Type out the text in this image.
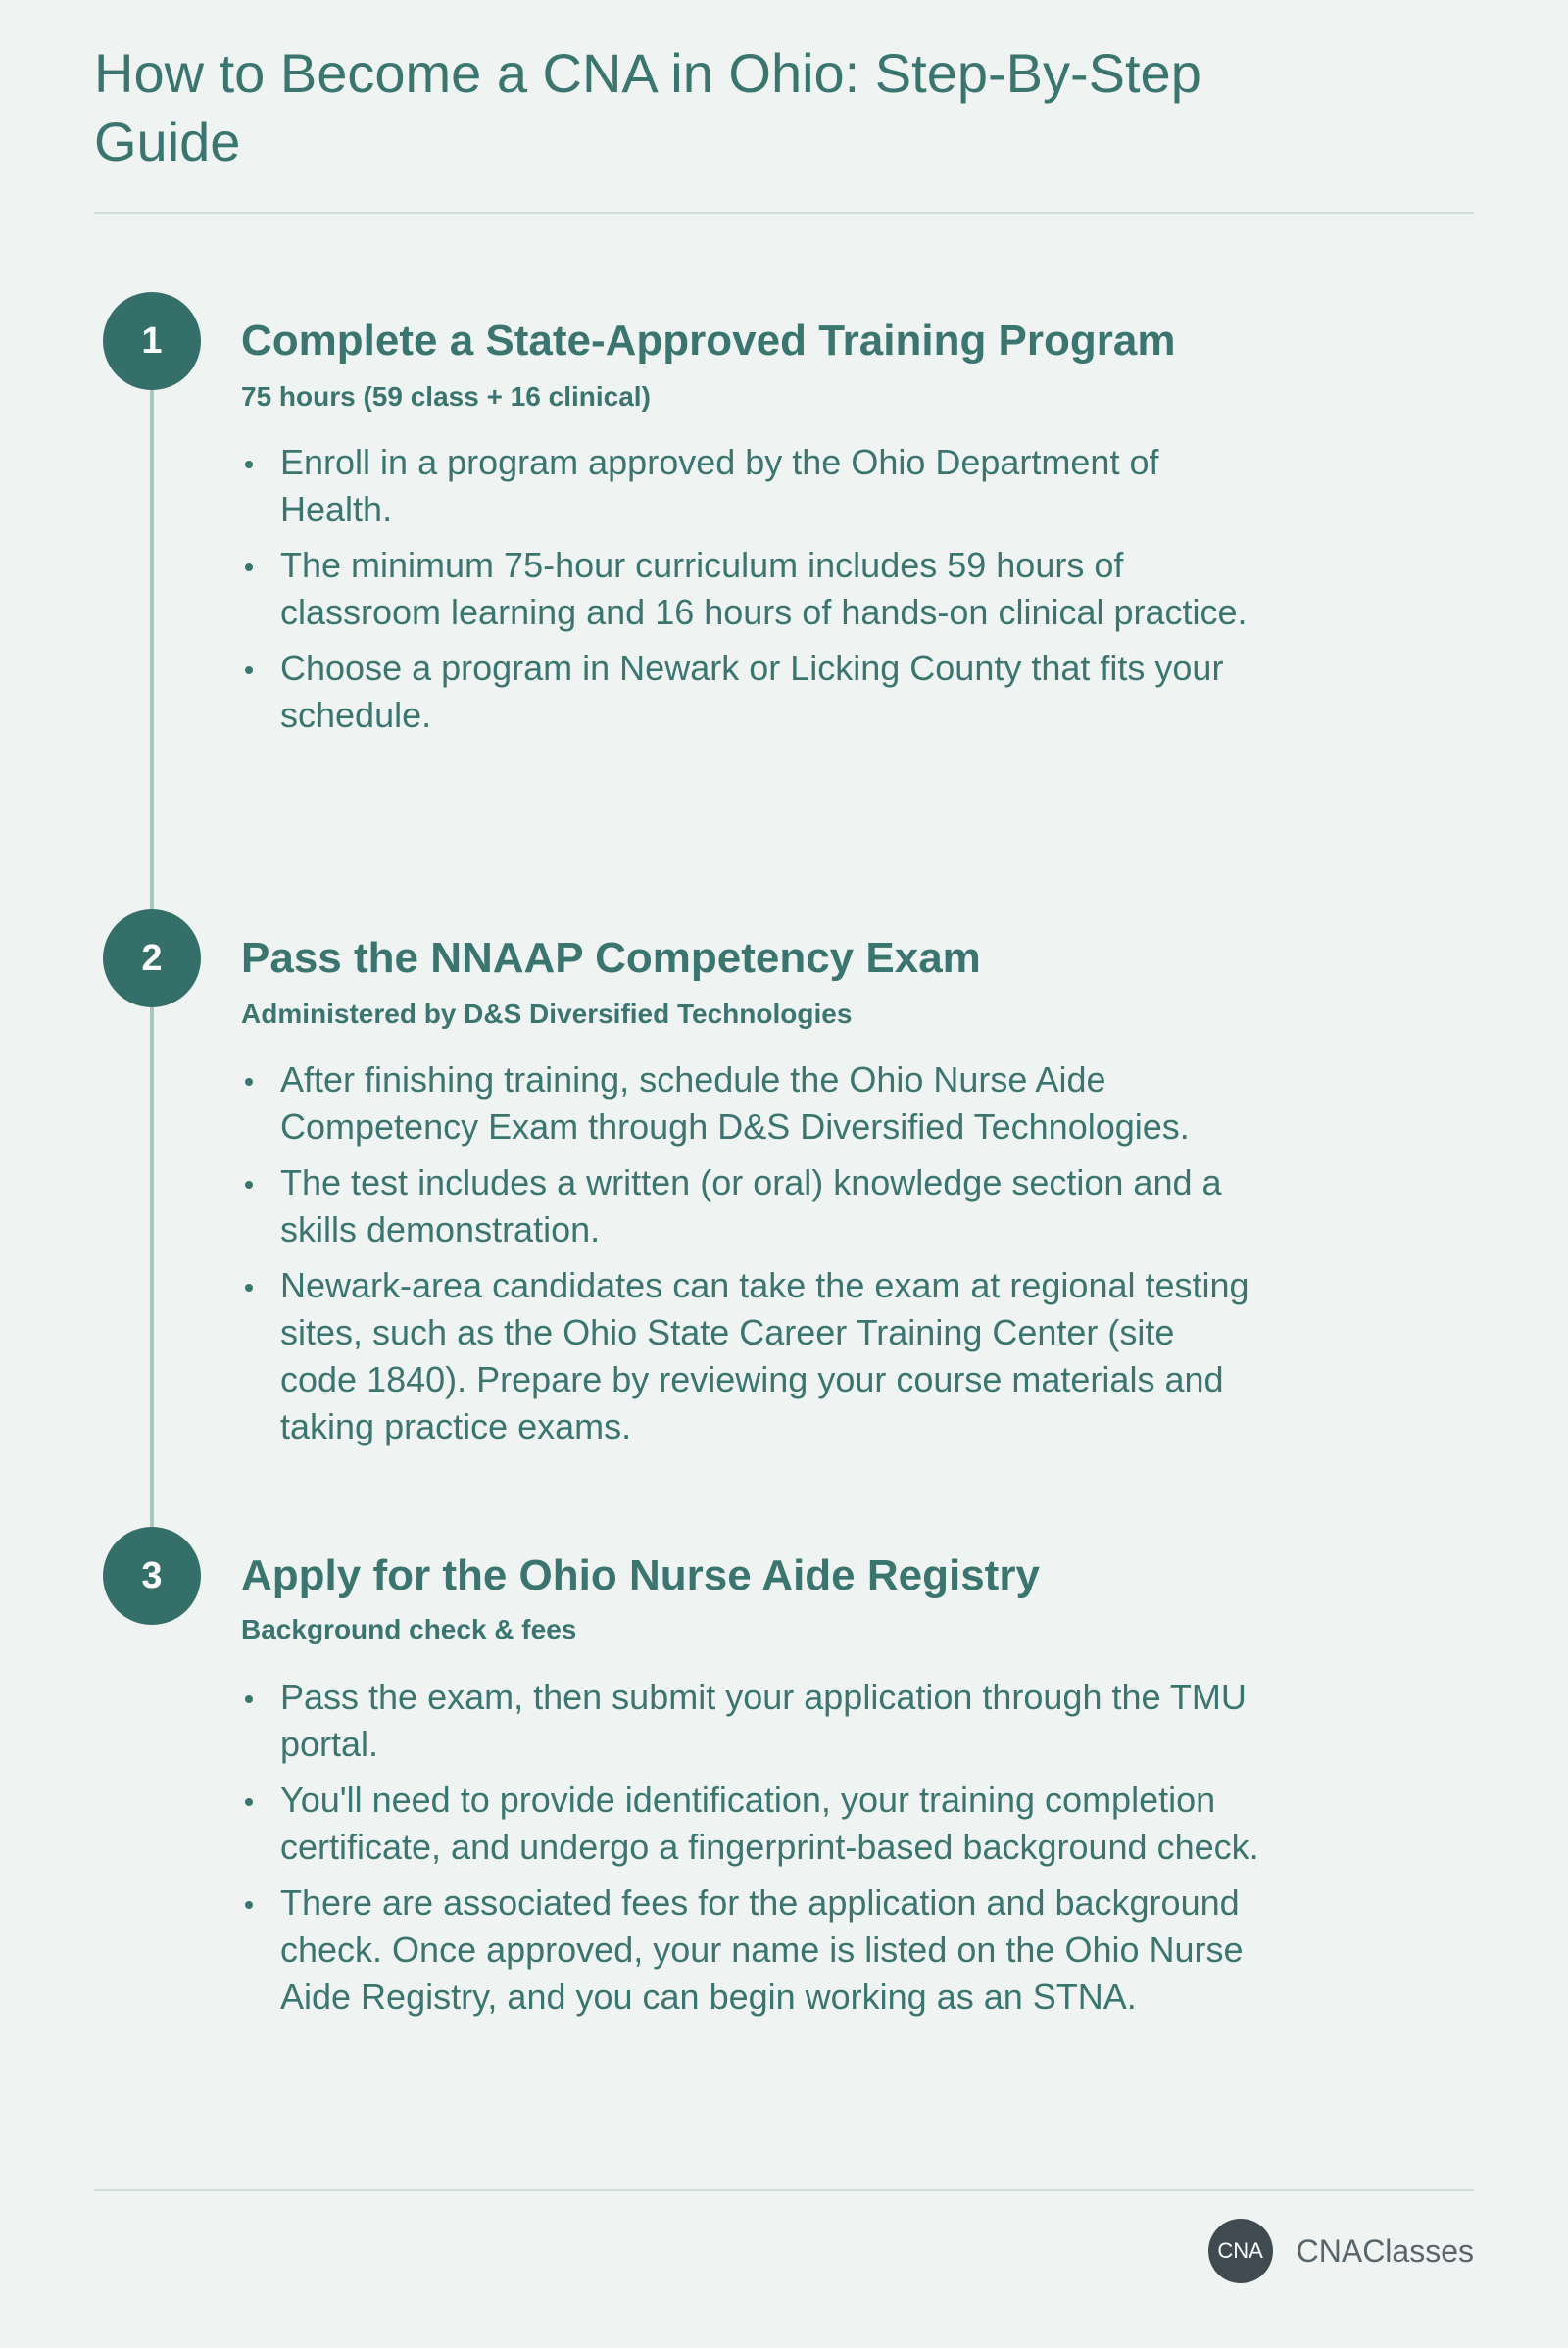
How to Become a CNA in Ohio: Step-By-Step Guide
1	Complete a State-Approved Training Program

75 hours (59 class + 16 clinical)

Enroll in a program approved by the Ohio Department of Health.
The minimum 75-hour curriculum includes 59 hours of classroom learning and 16 hours of hands-on clinical practice.
Choose a program in Newark or Licking County that fits your schedule.
2	Pass the NNAAP Competency Exam

Administered by D&S Diversified Technologies

After finishing training, schedule the Ohio Nurse Aide Competency Exam through D&S Diversified Technologies.
The test includes a written (or oral) knowledge section and a skills demonstration.
Newark-area candidates can take the exam at regional testing sites, such as the Ohio State Career Training Center (site code 1840). Prepare by reviewing your course materials and taking practice exams.
3	Apply for the Ohio Nurse Aide Registry

Background check & fees

Pass the exam, then submit your application through the TMU portal.
You'll need to provide identification, your training completion certificate, and undergo a fingerprint-based background check.
There are associated fees for the application and background check. Once approved, your name is listed on the Ohio Nurse Aide Registry, and you can begin working as an STNA.
CNA	CNAClasses
